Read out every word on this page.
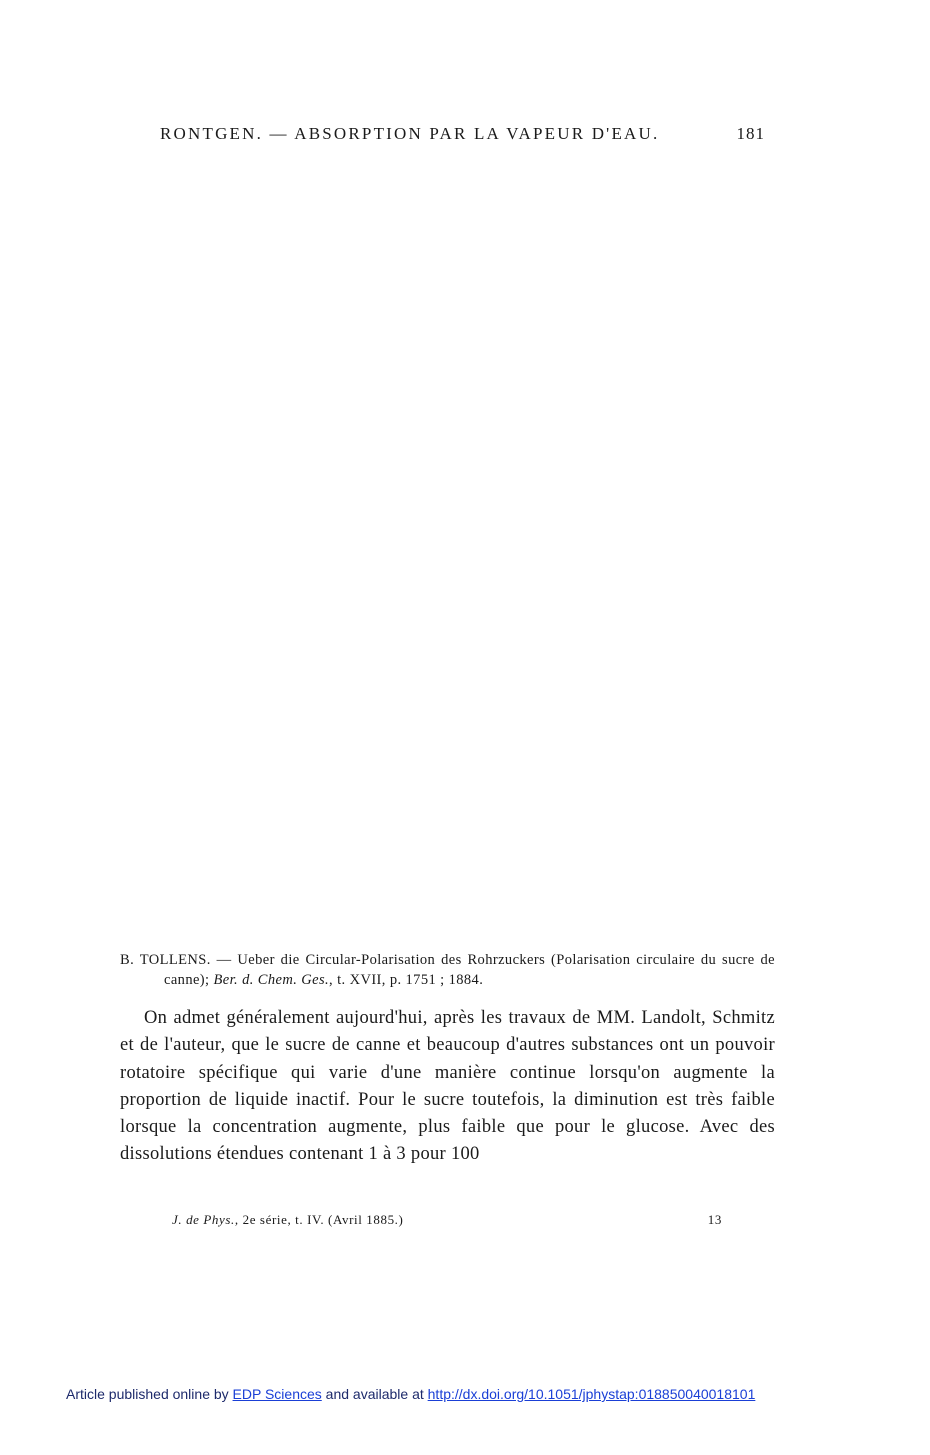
RONTGEN. — ABSORPTION PAR LA VAPEUR D'EAU.	181
B. TOLLENS. — Ueber die Circular-Polarisation des Rohrzuckers (Polarisation circulaire du sucre de canne); Ber. d. Chem. Ges., t. XVII, p. 1751 ; 1884.

On admet généralement aujourd'hui, après les travaux de MM. Landolt, Schmitz et de l'auteur, que le sucre de canne et beaucoup d'autres substances ont un pouvoir rotatoire spécifique qui varie d'une manière continue lorsqu'on augmente la proportion de liquide inactif. Pour le sucre toutefois, la diminution est très faible lorsque la concentration augmente, plus faible que pour le glucose. Avec des dissolutions étendues contenant 1 à 3 pour 100

J. de Phys., 2e série, t. IV. (Avril 1885.)	13
Article published online by EDP Sciences and available at http://dx.doi.org/10.1051/jphystap:018850040018101
